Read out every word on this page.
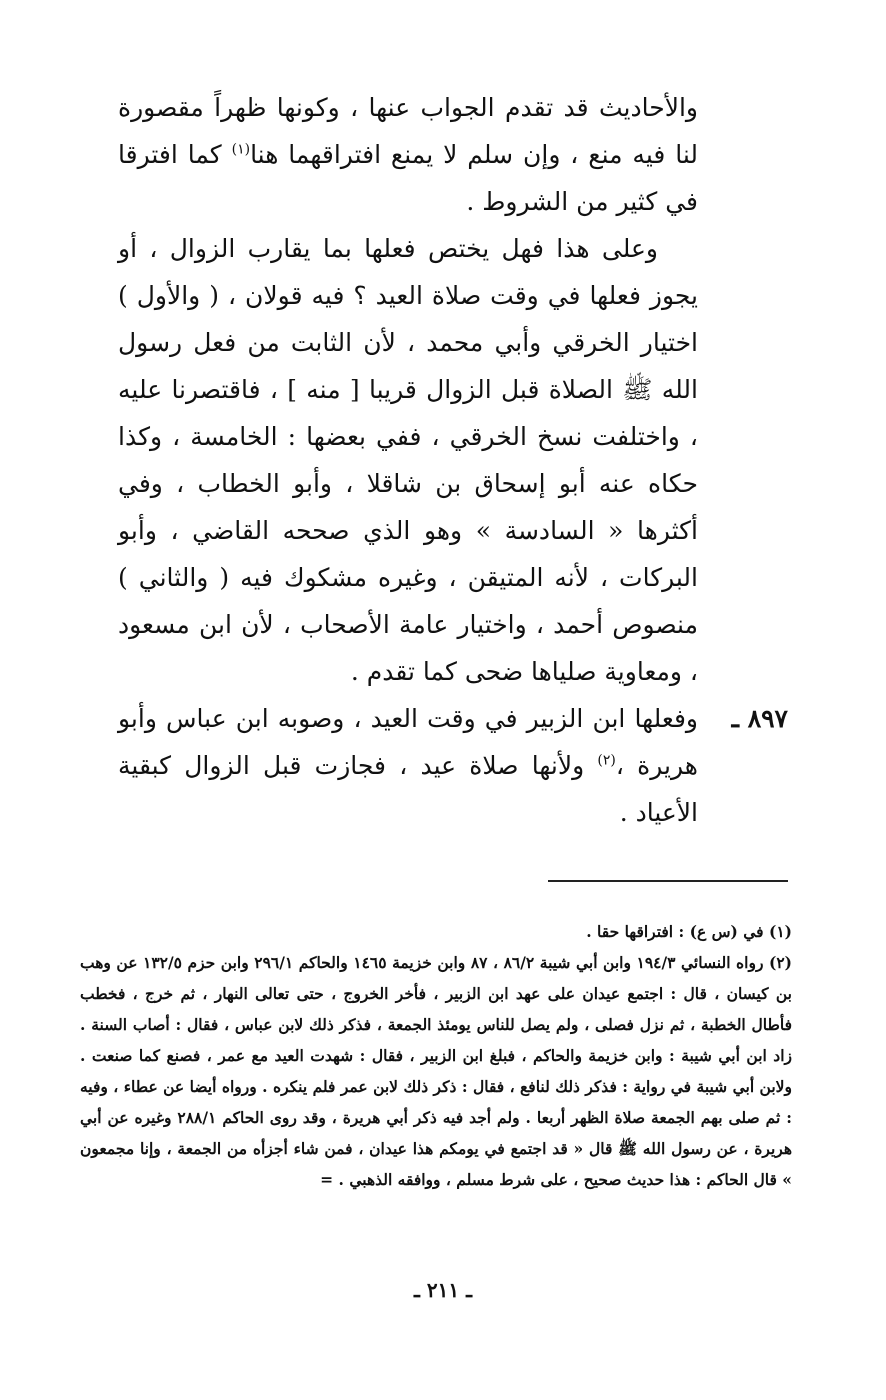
والأحاديث قد تقدم الجواب عنها ، وكونها ظهراً مقصورة لنا فيه منع ، وإن سلم لا يمنع افتراقهما هنا$^{(١)}$ كما افترقا في كثير من الشروط .

وعلى هذا فهل يختص فعلها بما يقارب الزوال ، أو يجوز فعلها في وقت صلاة العيد ؟ فيه قولان ، ( والأول ) اختيار الخرقي وأبي محمد ، لأن الثابت من فعل رسول الله ﷺ الصلاة قبل الزوال قريبا [ منه ] ، فاقتصرنا عليه ، واختلفت نسخ الخرقي ، ففي بعضها : الخامسة ، وكذا حكاه عنه أبو إسحاق بن شاقلا ، وأبو الخطاب ، وفي أكثرها « السادسة » وهو الذي صححه القاضي ، وأبو البركات ، لأنه المتيقن ، وغيره مشكوك فيه ( والثاني ) منصوص أحمد ، واختيار عامة الأصحاب ، لأن ابن مسعود ، ومعاوية صلياها ضحى كما تقدم .

٨٩٧ ـ

وفعلها ابن الزبير في وقت العيد ، وصوبه ابن عباس وأبو هريرة ،$^{(٢)}$ ولأنها صلاة عيد ، فجازت قبل الزوال كبقية الأعياد .

(١) في (س ع) : افتراقها حقا .

(٢) رواه النسائي ١٩٤/٣ وابن أبي شيبة ٨٦/٢ ، ٨٧ وابن خزيمة ١٤٦٥ والحاكم ٢٩٦/١ وابن حزم ١٣٢/٥ عن وهب بن كيسان ، قال : اجتمع عيدان على عهد ابن الزبير ، فأخر الخروج ، حتى تعالى النهار ، ثم خرج ، فخطب فأطال الخطبة ، ثم نزل فصلى ، ولم يصل للناس يومئذ الجمعة ، فذكر ذلك لابن عباس ، فقال : أصاب السنة . زاد ابن أبي شيبة : وابن خزيمة والحاكم ، فبلغ ابن الزبير ، فقال : شهدت العيد مع عمر ، فصنع كما صنعت . ولابن أبي شيبة في رواية : فذكر ذلك لنافع ، فقال : ذكر ذلك لابن عمر فلم ينكره . ورواه أيضا عن عطاء ، وفيه : ثم صلى بهم الجمعة صلاة الظهر أربعا . ولم أجد فيه ذكر أبي هريرة ، وقد روى الحاكم ٢٨٨/١ وغيره عن أبي هريرة ، عن رسول الله ﷺ قال « قد اجتمع في يومكم هذا عيدان ، فمن شاء أجزأه من الجمعة ، وإنا مجمعون » قال الحاكم : هذا حديث صحيح ، على شرط مسلم ، ووافقه الذهبي . =

ـ ٢١١ ـ
